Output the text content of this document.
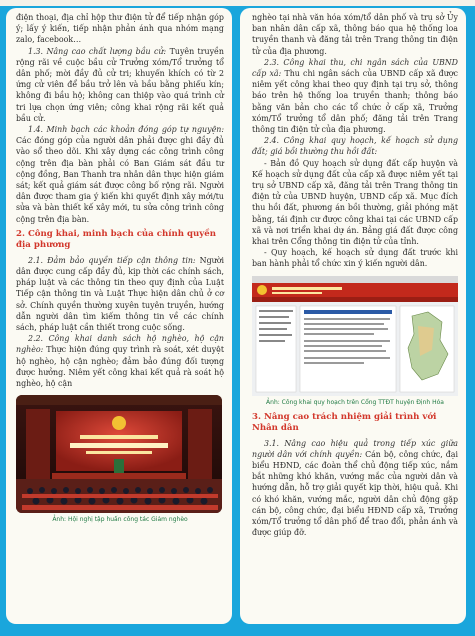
điện thoại, địa chỉ hộp thư điện tử để tiếp nhận góp ý; lấy ý kiến, tiếp nhận phản ánh qua nhóm mạng zalo, facebook…

1.3. Nâng cao chất lượng bầu cử: Tuyên truyền rộng rãi về cuộc bầu cử Trưởng xóm/Tổ trưởng tổ dân phố; mời đầy đủ cử tri; khuyến khích có từ 2 ứng cử viên để bầu trở lên và bầu bằng phiếu kín; không đi bầu hộ; không can thiệp vào quá trình cử tri lựa chọn ứng viên; công khai rộng rãi kết quả bầu cử.

1.4. Minh bạch các khoản đóng góp tự nguyện: Các đóng góp của người dân phải được ghi đầy đủ vào sổ theo dõi. Khi xây dựng các công trình công cộng trên địa bàn phải có Ban Giám sát đầu tư cộng đồng, Ban Thanh tra nhân dân thực hiện giám sát; kết quả giám sát được công bố rộng rãi. Người dân được tham gia ý kiến khi quyết định xây mới/tu sửa và bàn thiết kế xây mới, tu sửa công trình công cộng trên địa bàn.

2. Công khai, minh bạch của chính quyền địa phương

2.1. Đảm bảo quyền tiếp cận thông tin: Người dân được cung cấp đầy đủ, kịp thời các chính sách, pháp luật và các thông tin theo quy định của Luật Tiếp cận thông tin và Luật Thực hiện dân chủ ở cơ sở. Chính quyền thường xuyên tuyên truyền, hướng dẫn người dân tìm kiếm thông tin về các chính sách, pháp luật cần thiết trong cuộc sống.

2.2. Công khai danh sách hộ nghèo, hộ cận nghèo: Thực hiện đúng quy trình rà soát, xét duyệt hộ nghèo, hộ cận nghèo; đảm bảo đúng đối tượng được hưởng. Niêm yết công khai kết quả rà soát hộ nghèo, hộ cận

Ảnh: Hội nghị tập huấn công tác Giảm nghèo

nghèo tại nhà văn hóa xóm/tổ dân phố và trụ sở Ủy ban nhân dân cấp xã, thông báo qua hệ thống loa truyền thanh và đăng tải trên Trang thông tin điện tử của địa phương.

2.3. Công khai thu, chi ngân sách của UBND cấp xã: Thu chi ngân sách của UBND cấp xã được niêm yết công khai theo quy định tại trụ sở, thông báo trên hệ thống loa truyền thanh; thông báo bằng văn bản cho các tổ chức ở cấp xã, Trưởng xóm/Tổ trưởng tổ dân phố; đăng tải trên Trang thông tin điện tử của địa phương.

2.4. Công khai quy hoạch, kế hoạch sử dụng đất; giá bồi thường thu hồi đất:

- Bản đồ Quy hoạch sử dụng đất cấp huyện và Kế hoạch sử dụng đất của cấp xã được niêm yết tại trụ sở UBND cấp xã, đăng tải trên Trang thông tin điện tử của UBND huyện, UBND cấp xã. Mục đích thu hồi đất, phương án bồi thường, giải phóng mặt bằng, tái định cư được công khai tại các UBND cấp xã và nơi triển khai dự án. Bảng giá đất được công khai trên Cổng thông tin điện tử của tỉnh.

- Quy hoạch, kế hoạch sử dụng đất trước khi ban hành phải tổ chức xin ý kiến người dân.

Ảnh: Công khai quy hoạch trên Cổng TTĐT huyện Định Hóa
3. Nâng cao trách nhiệm giải trình với Nhân dân

3.1. Nâng cao hiệu quả trong tiếp xúc giữa người dân với chính quyền: Cán bộ, công chức, đại biểu HĐND, các đoàn thể chủ động tiếp xúc, nắm bắt những khó khăn, vướng mắc của người dân và hướng dẫn, hỗ trợ giải quyết kịp thời, hiệu quả. Khi có khó khăn, vướng mắc, người dân chủ động gặp cán bộ, công chức, đại biểu HĐND cấp xã, Trưởng xóm/Tổ trưởng tổ dân phố để trao đổi, phản ánh và được giúp đỡ.
